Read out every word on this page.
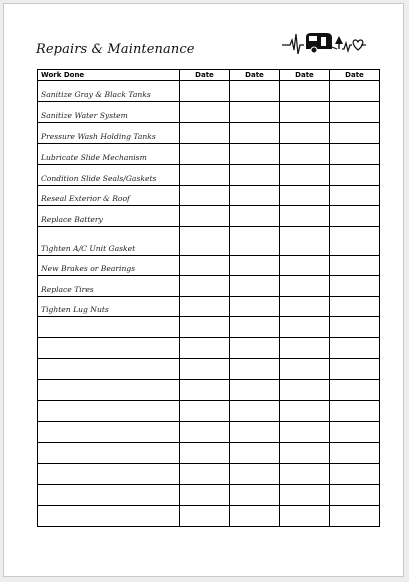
Repairs & Maintenance
Work Done	Date	Date	Date	Date
Sanitize Gray & Black Tanks				
Sanitize Water System				
Pressure Wash Holding Tanks				
Lubricate Slide Mechanism				
Condition Slide Seals/Gaskets				
Reseal Exterior & Roof				
Replace Battery				
Tighten A/C Unit Gasket				
New Brakes or Bearings				
Replace Tires				
Tighten Lug Nuts				
